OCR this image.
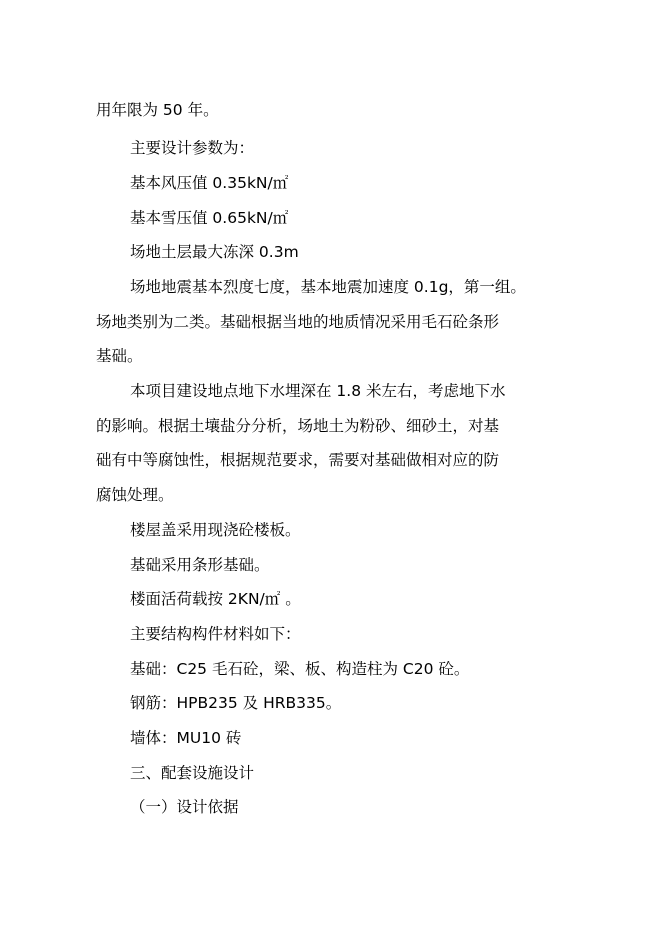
用年限为 50 年。
主要设计参数为：
基本风压值 0.35kN/㎡
基本雪压值 0.65kN/㎡
场地土层最大冻深 0.3m
场地地震基本烈度七度，基本地震加速度 0.1g，第一组。
场地类别为二类。基础根据当地的地质情况采用毛石砼条形
基础。
本项目建设地点地下水埋深在 1.8 米左右，考虑地下水
的影响。根据土壤盐分分析，场地土为粉砂、细砂土，对基
础有中等腐蚀性，根据规范要求，需要对基础做相对应的防
腐蚀处理。
楼屋盖采用现浇砼楼板。
基础采用条形基础。
楼面活荷载按 2KN/㎡ 。
主要结构构件材料如下：
基础：C25 毛石砼，梁、板、构造柱为 C20 砼。
钢筋：HPB235 及 HRB335。
墙体：MU10 砖
三、配套设施设计
（一）设计依据
